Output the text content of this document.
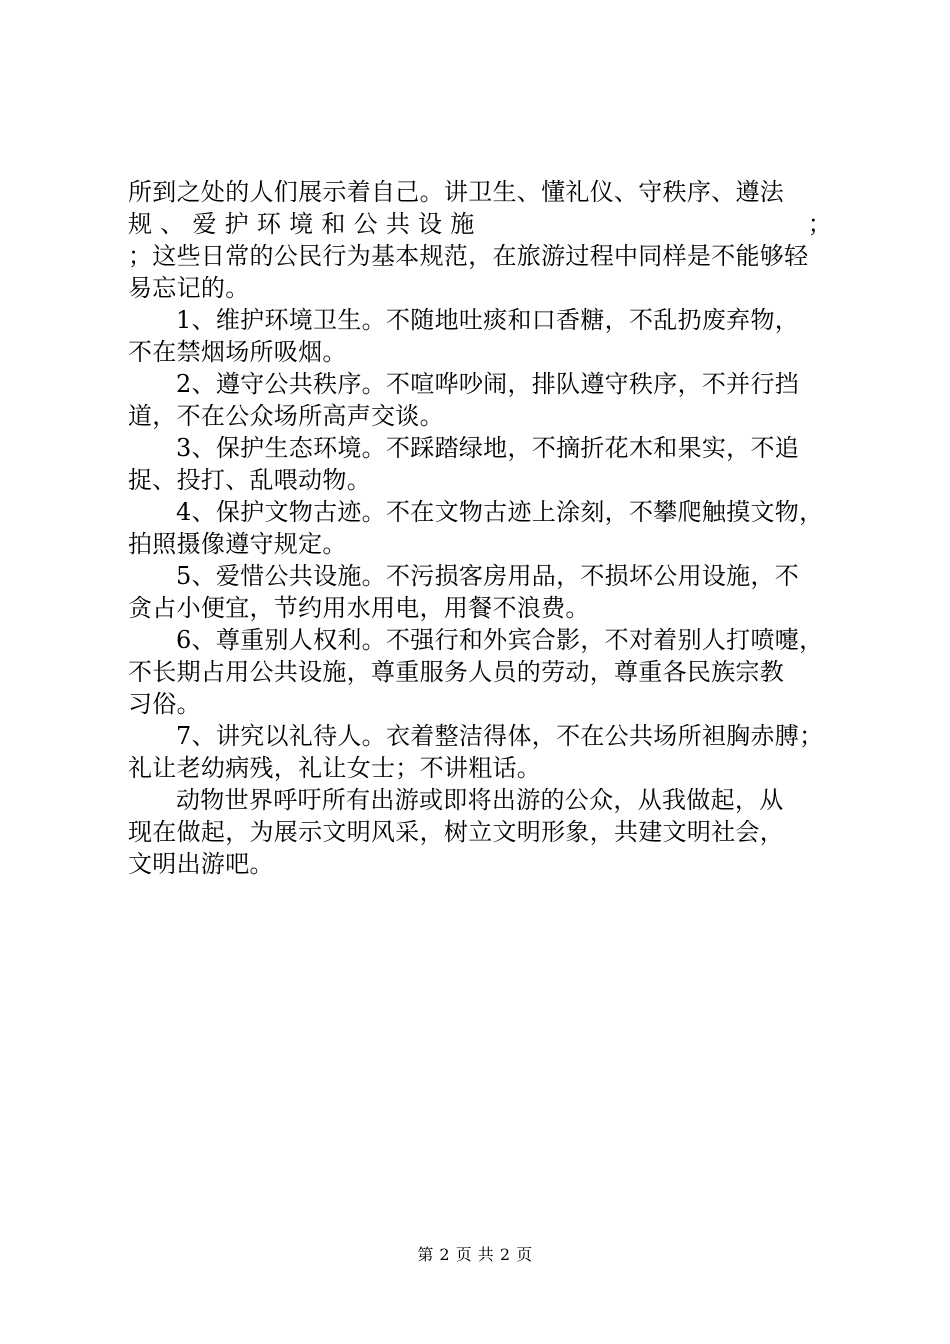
所到之处的人们展示着自己。讲卫生、懂礼仪、守秩序、遵法
规 、 爱 护 环 境 和 公 共 设 施	；
；这些日常的公民行为基本规范，在旅游过程中同样是不能够轻
易忘记的。

1、维护环境卫生。不随地吐痰和口香糖，不乱扔废弃物，
不在禁烟场所吸烟。

2、遵守公共秩序。不喧哗吵闹，排队遵守秩序，不并行挡
道，不在公众场所高声交谈。

3、保护生态环境。不踩踏绿地，不摘折花木和果实，不追
捉、投打、乱喂动物。

4、保护文物古迹。不在文物古迹上涂刻，不攀爬触摸文物，
拍照摄像遵守规定。

5、爱惜公共设施。不污损客房用品，不损坏公用设施，不
贪占小便宜，节约用水用电，用餐不浪费。

6、尊重别人权利。不强行和外宾合影，不对着别人打喷嚏，
不长期占用公共设施，尊重服务人员的劳动，尊重各民族宗教
习俗。

7、讲究以礼待人。衣着整洁得体，不在公共场所袒胸赤膊；
礼让老幼病残，礼让女士；不讲粗话。

动物世界呼吁所有出游或即将出游的公众，从我做起，从
现在做起，为展示文明风采，树立文明形象，共建文明社会，
文明出游吧。

第 2 页 共 2 页
